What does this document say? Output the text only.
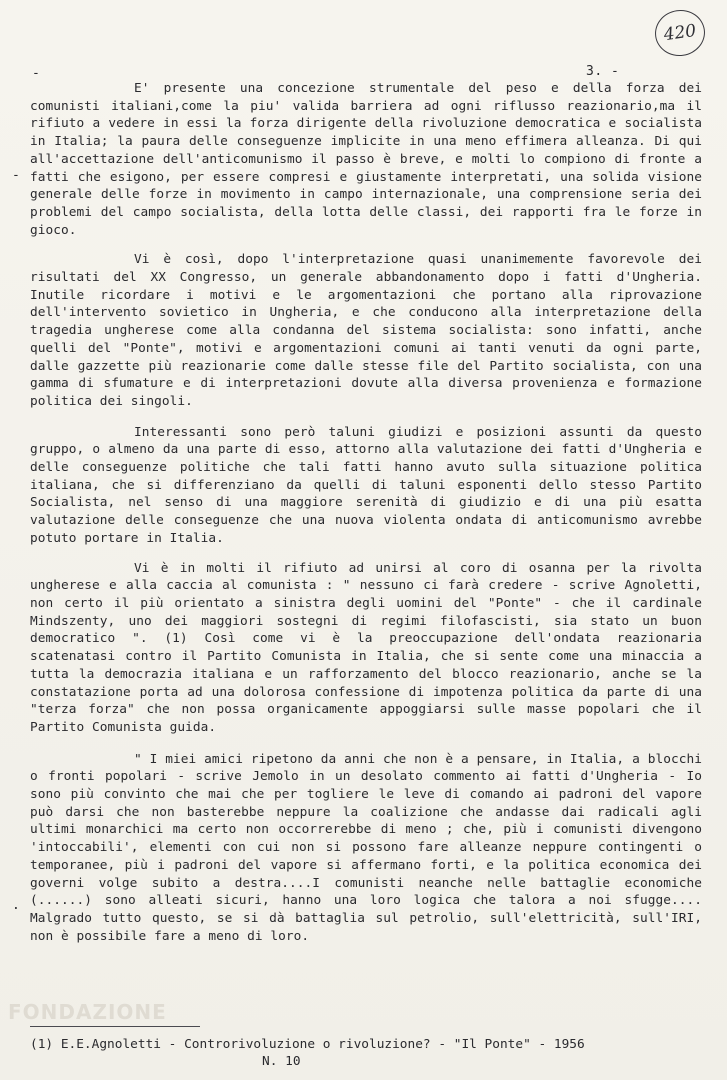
420
-	3. -

E' presente una concezione strumentale del peso e della forza dei comunisti italiani,come la piu' valida barriera ad ogni riflusso reazionario,ma il rifiuto a vedere in essi la forza dirigente della rivoluzione democratica e socialista in Italia; la paura delle conseguenze implicite in una meno effimera alleanza. Di qui all'accettazione dell'anticomunismo il passo è breve, e molti lo compiono di fronte a fatti che esigono, per essere compresi e giustamente interpretati, una solida visione generale delle forze in movimento in campo internazionale, una comprensione seria dei problemi del campo socialista, della lotta delle classi, dei rapporti fra le forze in gioco.

Vi è così, dopo l'interpretazione quasi unanimemente favorevole dei risultati del XX Congresso, un generale abbandonamento dopo i fatti d'Ungheria. Inutile ricordare i motivi e le argomentazioni che portano alla riprovazione dell'intervento sovietico in Ungheria, e che conducono alla interpretazione della tragedia ungherese come alla condanna del sistema socialista: sono infatti, anche quelli del "Ponte", motivi e argomentazioni comuni ai tanti venuti da ogni parte, dalle gazzette più reazionarie come dalle stesse file del Partito socialista, con una gamma di sfumature e di interpretazioni dovute alla diversa provenienza e formazione politica dei singoli.

Interessanti sono però taluni giudizi e posizioni assunti da questo gruppo, o almeno da una parte di esso, attorno alla valutazione dei fatti d'Ungheria e delle conseguenze politiche che tali fatti hanno avuto sulla situazione politica italiana, che si differenziano da quelli di taluni esponenti dello stesso Partito Socialista, nel senso di una maggiore serenità di giudizio e di una più esatta valutazione delle conseguenze che una nuova violenta ondata di anticomunismo avrebbe potuto portare in Italia.

Vi è in molti il rifiuto ad unirsi al coro di osanna per la rivolta ungherese e alla caccia al comunista : " nessuno ci farà credere - scrive Agnoletti, non certo il più orientato a sinistra degli uomini del "Ponte" - che il cardinale Mindszenty, uno dei maggiori sostegni di regimi filofascisti, sia stato un buon democratico ". (1) Così come vi è la preoccupazione dell'ondata reazionaria scatenatasi contro il Partito Comunista in Italia, che si sente come una minaccia a tutta la democrazia italiana e un rafforzamento del blocco reazionario, anche se la constatazione porta ad una dolorosa confessione di impotenza politica da parte di una "terza forza" che non possa organicamente appoggiarsi sulle masse popolari che il Partito Comunista guida.

" I miei amici ripetono da anni che non è a pensare, in Italia, a blocchi o fronti popolari - scrive Jemolo in un desolato commento ai fatti d'Ungheria - Io sono più convinto che mai che per togliere le leve di comando ai padroni del vapore può darsi che non basterebbe neppure la coalizione che andasse dai radicali agli ultimi monarchici ma certo non occorrerebbe di meno ; che, più i comunisti divengono 'intoccabili', elementi con cui non si possono fare alleanze neppure contingenti o temporanee, più i padroni del vapore si affermano forti, e la politica economica dei governi volge subito a destra....I comunisti neanche nelle battaglie economiche (......) sono alleati sicuri, hanno una loro logica che talora a noi sfugge.... Malgrado tutto questo, se si dà battaglia sul petrolio, sull'elettricità, sull'IRI, non è possibile fare a meno di loro.

-
.
FONDAZIONE
(1) E.E.Agnoletti - Controrivoluzione o rivoluzione? - "Il Ponte" - 1956
N. 10
